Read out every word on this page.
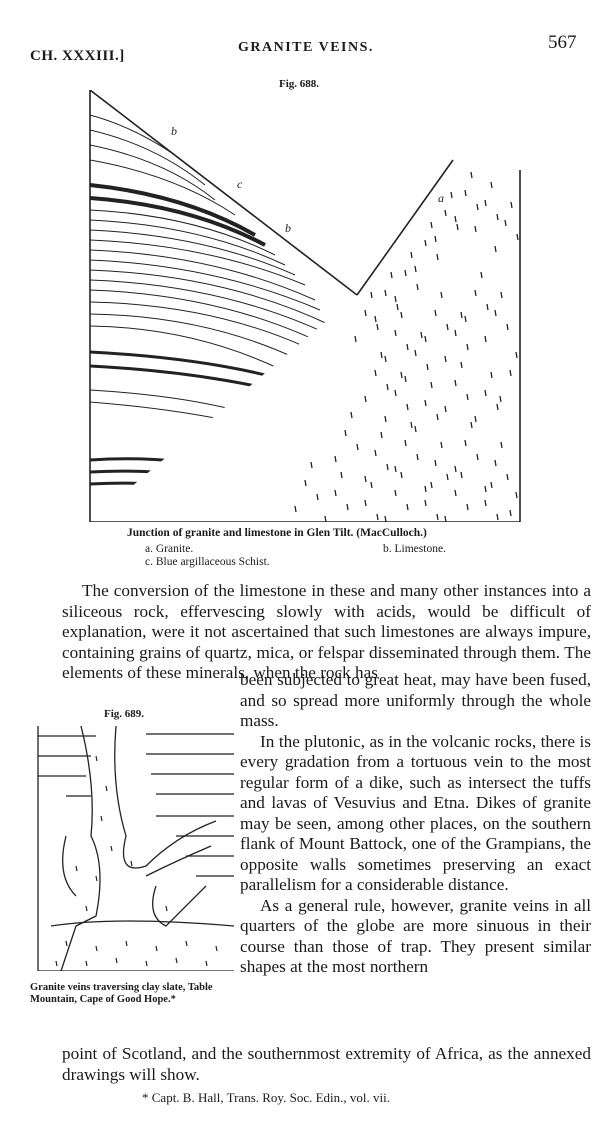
CH. XXXIII.]
GRANITE VEINS.	567
Fig. 688.
b
c
b
a
Junction of granite and limestone in Glen Tilt. (MacCulloch.)
a. Granite.	b. Limestone.
c. Blue argillaceous Schist.
The conversion of the limestone in these and many other instances into a siliceous rock, effervescing slowly with acids, would be difficult of explanation, were it not ascertained that such limestones are always impure, containing grains of quartz, mica, or felspar disseminated through them. The elements of these minerals, when the rock has
Fig. 689.
been subjected to great heat, may have been fused, and so spread more uniformly through the whole mass.
In the plutonic, as in the volcanic rocks, there is every gradation from a tortuous vein to the most regular form of a dike, such as intersect the tuffs and lavas of Vesuvius and Etna. Dikes of granite may be seen, among other places, on the southern flank of Mount Battock, one of the Grampians, the opposite walls sometimes preserving an exact parallelism for a considerable distance.
As a general rule, however, granite veins in all quarters of the globe are more sinuous in their course than those of trap. They present similar shapes at the most northern
Granite veins traversing clay slate, Table Mountain, Cape of Good Hope.*
point of Scotland, and the southernmost extremity of Africa, as the annexed drawings will show.
* Capt. B. Hall, Trans. Roy. Soc. Edin., vol. vii.
